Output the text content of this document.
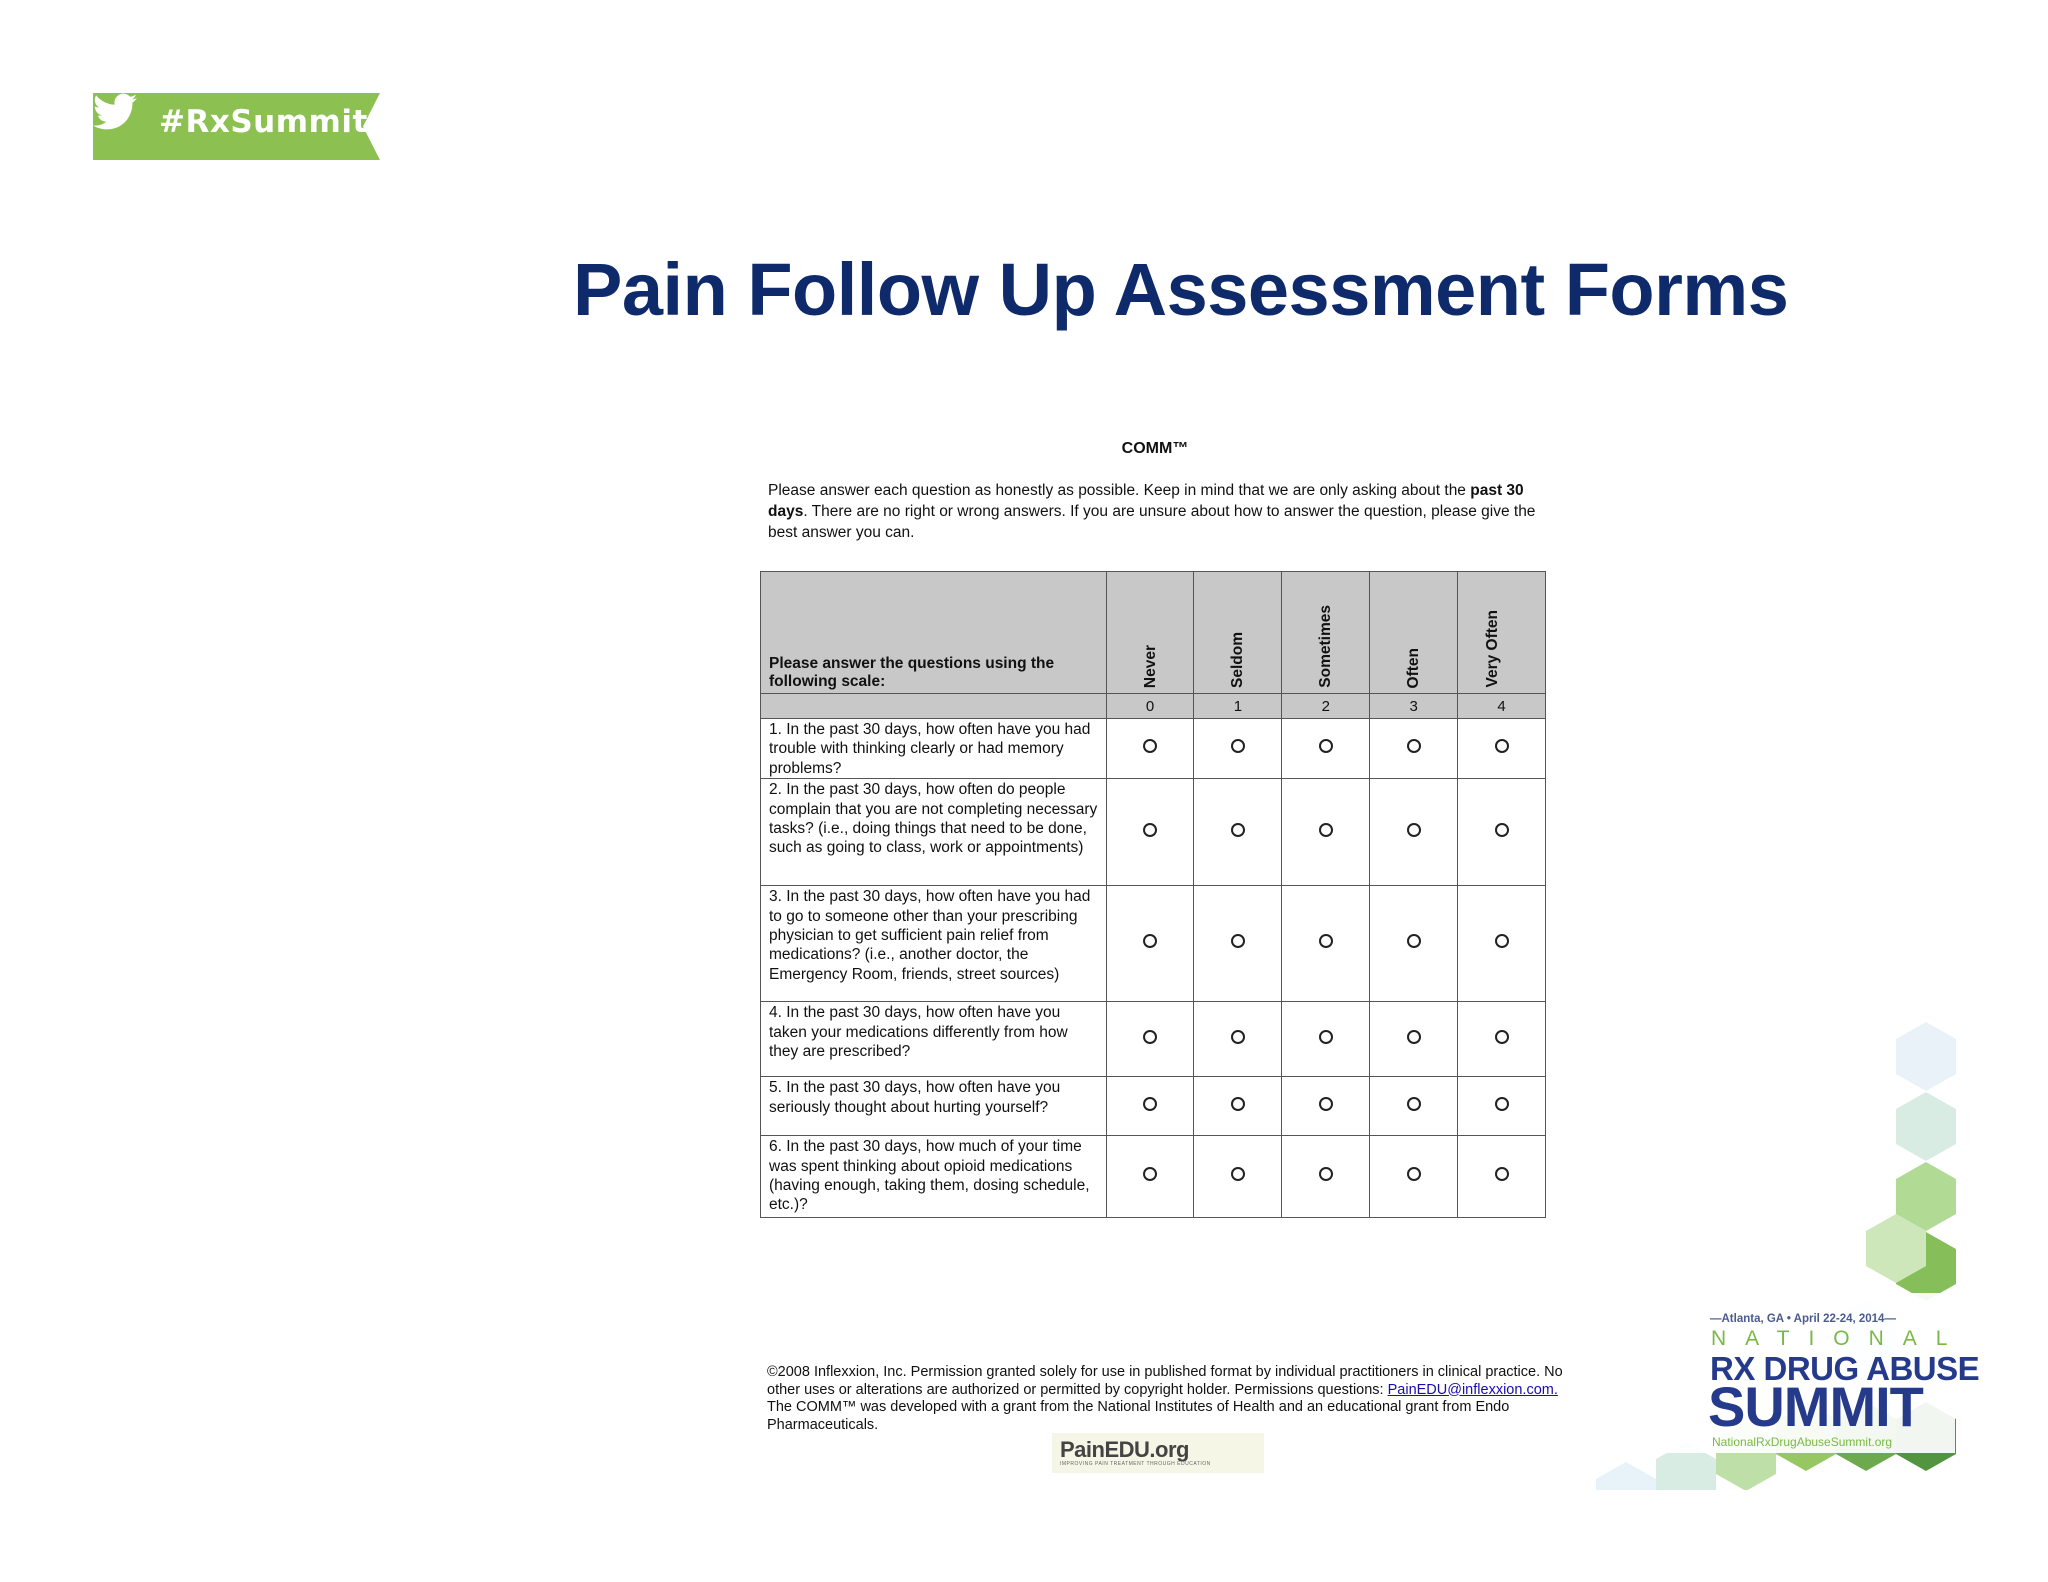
#RxSummit
Pain Follow Up Assessment Forms
COMM™
Please answer each question as honestly as possible. Keep in mind that we are only asking about the past 30 days. There are no right or wrong answers. If you are unsure about how to answer the question, please give the best answer you can.
Please answer the questions using the following scale:	Never	Seldom	Sometimes	Often	Very Often
	0	1	2	3	4
1. In the past 30 days, how often have you had trouble with thinking clearly or had memory problems?					
2. In the past 30 days, how often do people complain that you are not completing necessary tasks? (i.e., doing things that need to be done, such as going to class, work or appointments)					
3. In the past 30 days, how often have you had to go to someone other than your prescribing physician to get sufficient pain relief from medications? (i.e., another doctor, the Emergency Room, friends, street sources)					
4. In the past 30 days, how often have you taken your medications differently from how they are prescribed?					
5. In the past 30 days, how often have you seriously thought about hurting yourself?					
6. In the past 30 days, how much of your time was spent thinking about opioid medications (having enough, taking them, dosing schedule, etc.)?					
©2008 Inflexxion, Inc. Permission granted solely for use in published format by individual practitioners in clinical practice. No other uses or alterations are authorized or permitted by copyright holder. Permissions questions: PainEDU@inflexxion.com. The COMM™ was developed with a grant from the National Institutes of Health and an educational grant from Endo Pharmaceuticals.
PainEDU.org
IMPROVING PAIN TREATMENT THROUGH EDUCATION
—Atlanta, GA • April 22-24, 2014—
NATIONAL
RX DRUG ABUSE
SUMMIT
NationalRxDrugAbuseSummit.org
